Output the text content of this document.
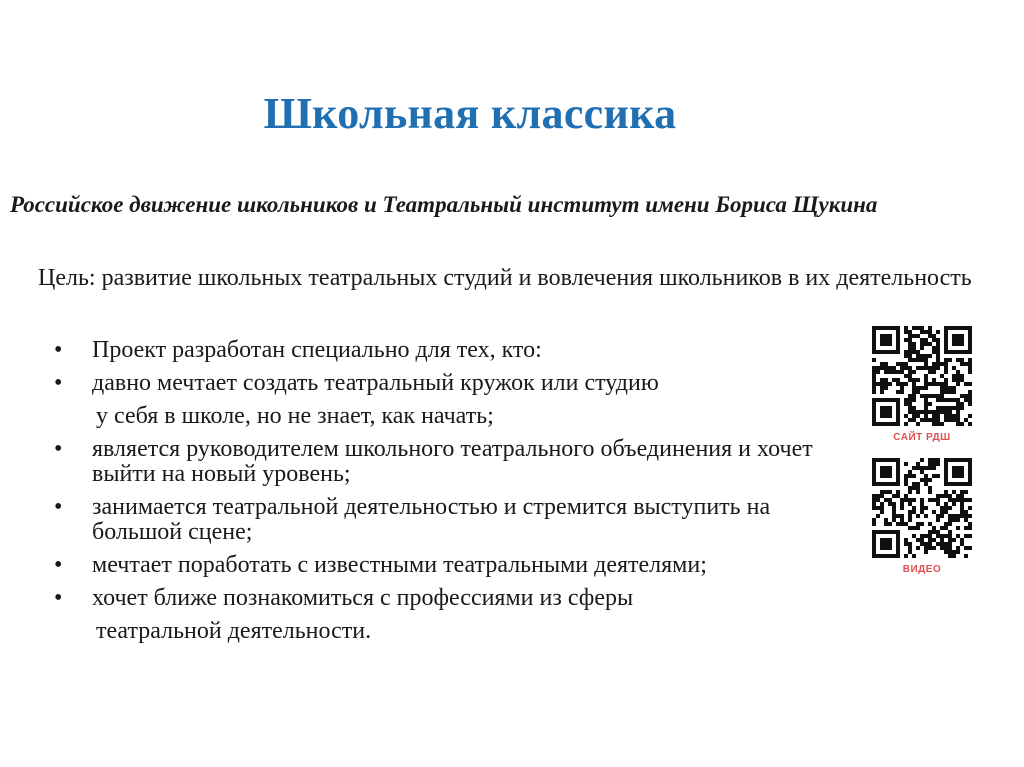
Школьная классика
Российское движение школьников и Театральный институт имени Бориса Щукина
Цель: развитие школьных театральных студий и вовлечения школьников в их деятельность
• Проект разработан специально для тех, кто:
• давно мечтает создать театральный кружок или студию
у себя в школе, но не знает, как начать;
• является руководителем школьного театрального объединения и хочет выйти на новый уровень;
• занимается театральной деятельностью и стремится выступить на большой сцене;
• мечтает поработать с известными театральными деятелями;
• хочет ближе познакомиться с профессиями из сферы
театральной деятельности.
САЙТ РДШ
ВИДЕО
